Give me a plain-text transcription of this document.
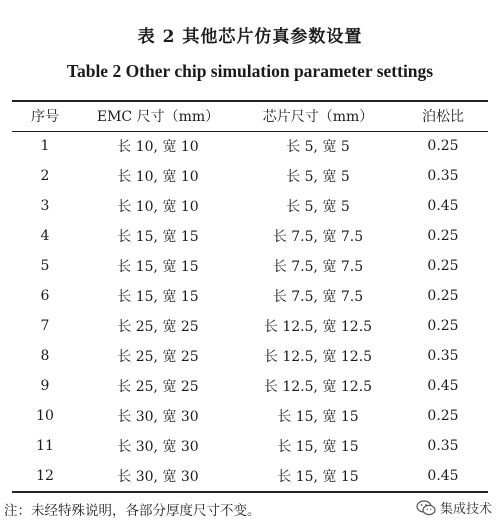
表 2 其他芯片仿真参数设置
Table 2 Other chip simulation parameter settings
序号	EMC 尺寸（mm）	芯片尺寸（mm）	泊松比
1	长 10, 宽 10	长 5, 宽 5	0.25
2	长 10, 宽 10	长 5, 宽 5	0.35
3	长 10, 宽 10	长 5, 宽 5	0.45
4	长 15, 宽 15	长 7.5, 宽 7.5	0.25
5	长 15, 宽 15	长 7.5, 宽 7.5	0.25
6	长 15, 宽 15	长 7.5, 宽 7.5	0.25
7	长 25, 宽 25	长 12.5, 宽 12.5	0.25
8	长 25, 宽 25	长 12.5, 宽 12.5	0.35
9	长 25, 宽 25	长 12.5, 宽 12.5	0.45
10	长 30, 宽 30	长 15, 宽 15	0.25
11	长 30, 宽 30	长 15, 宽 15	0.35
12	长 30, 宽 30	长 15, 宽 15	0.45
注：未经特殊说明，各部分厚度尺寸不变。	集成技术
